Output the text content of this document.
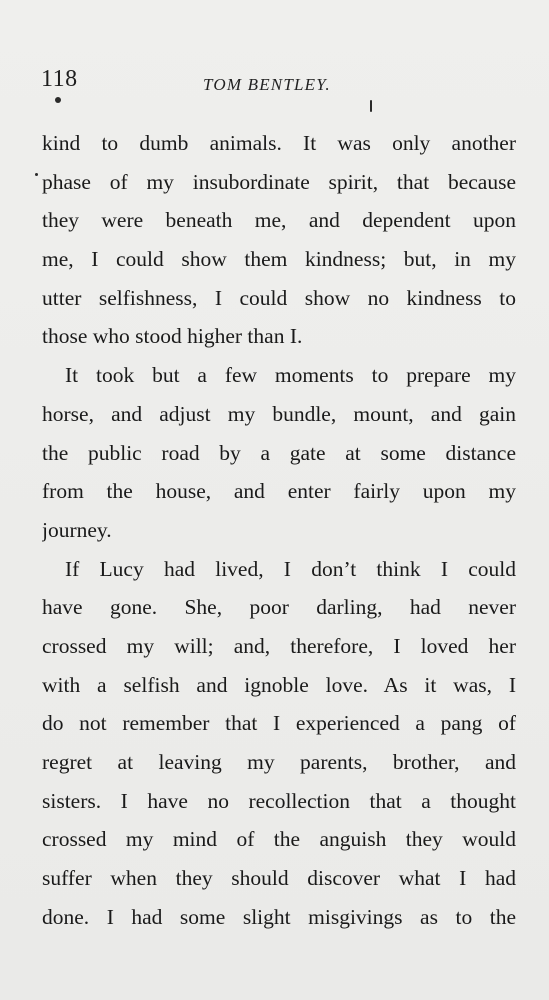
118	TOM BENTLEY.
kind to dumb animals. It was only another
phase of my insubordinate spirit, that because
they were beneath me, and dependent upon
me, I could show them kindness; but, in my
utter selfishness, I could show no kindness to
those who stood higher than I.
It took but a few moments to prepare my
horse, and adjust my bundle, mount, and gain
the public road by a gate at some distance
from the house, and enter fairly upon my
journey.
If Lucy had lived, I don’t think I could
have gone. She, poor darling, had never
crossed my will; and, therefore, I loved her
with a selfish and ignoble love. As it was, I
do not remember that I experienced a pang of
regret at leaving my parents, brother, and
sisters. I have no recollection that a thought
crossed my mind of the anguish they would
suffer when they should discover what I had
done. I had some slight misgivings as to the
